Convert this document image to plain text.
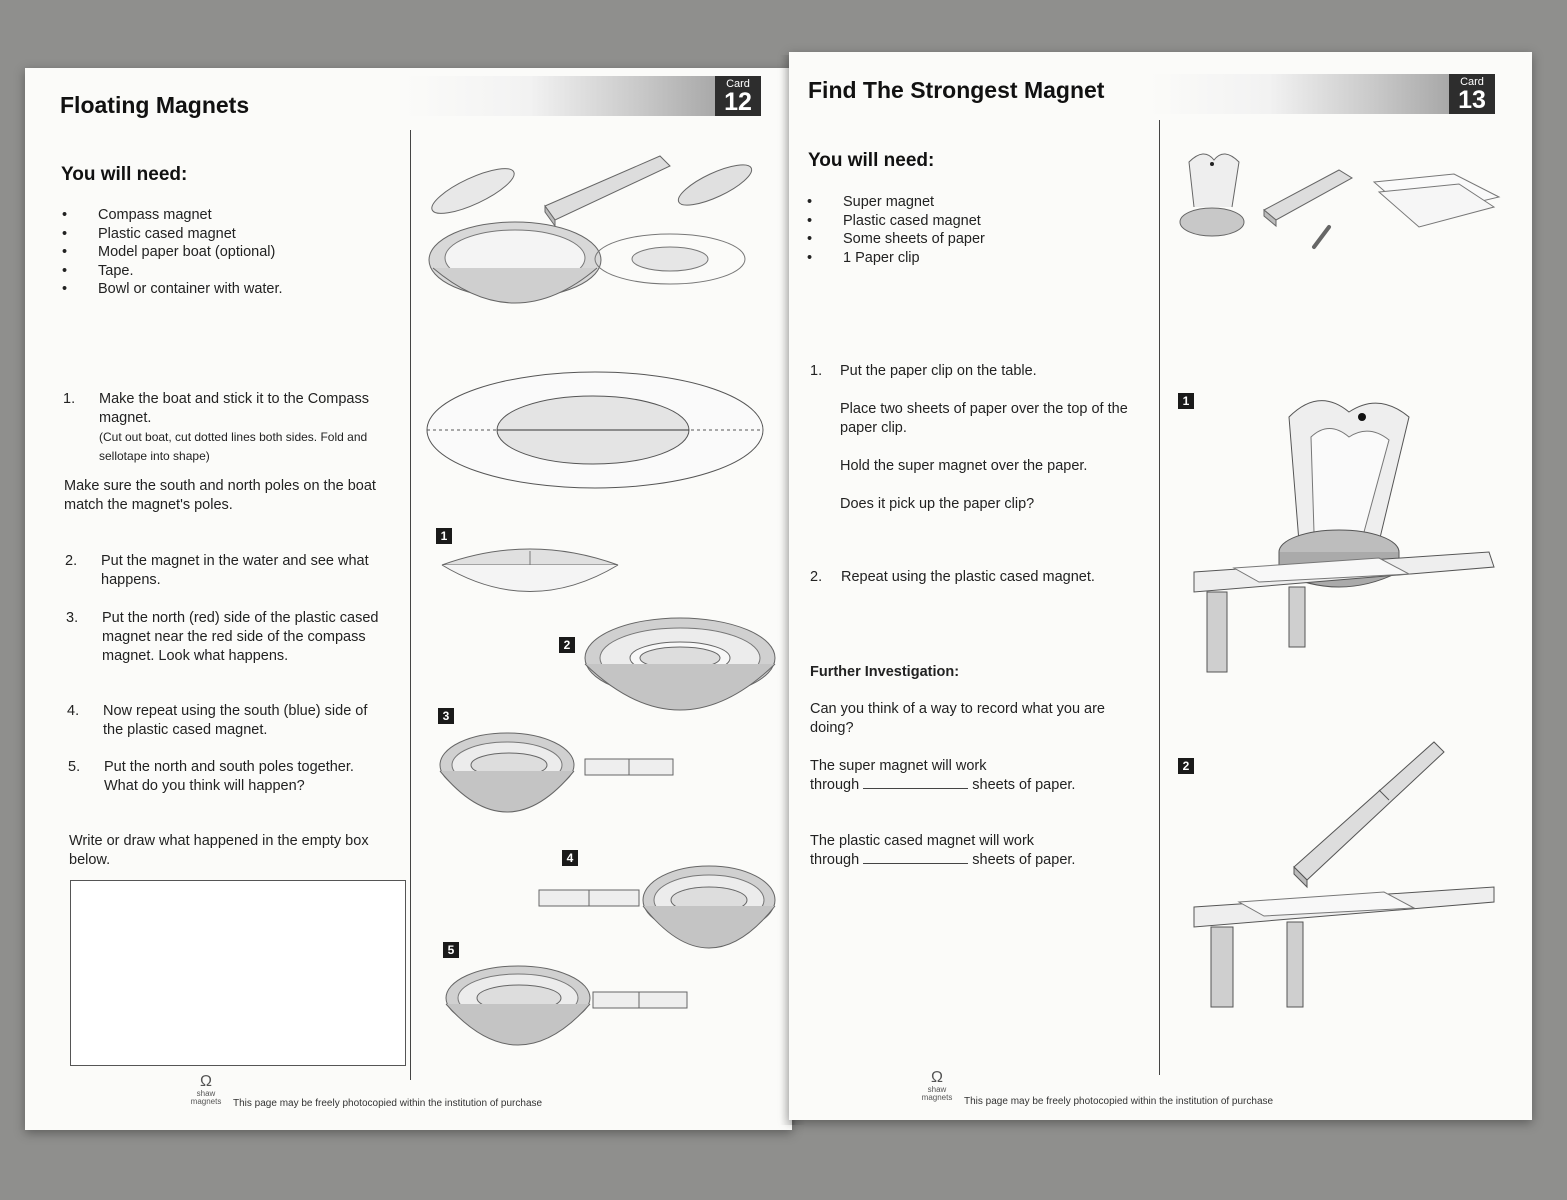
Floating Magnets
Card
12
You will need:
• Compass magnet
• Plastic cased magnet
• Model paper boat (optional)
• Tape.
• Bowl or container with water.
1. Make the boat and stick it to the Compass magnet.
(Cut out boat, cut dotted lines both sides. Fold and sellotape into shape)
Make sure the south and north poles on the boat match the magnet's poles.
2. Put the magnet in the water and see what happens.
3. Put the north (red) side of the plastic cased magnet near the red side of the compass magnet. Look what happens.
4. Now repeat using the south (blue) side of the plastic cased magnet.
5. Put the north and south poles together. What do you think will happen?
Write or draw what happened in the empty box below.
1
2
3
4
5
Ω
shaw magnets This page may be freely photocopied within the institution of purchase
Find The Strongest Magnet	Card
13
You will need:
• Super magnet
• Plastic cased magnet
• Some sheets of paper
• 1 Paper clip
1. Put the paper clip on the table.

Place two sheets of paper over the top of the paper clip.

Hold the super magnet over the paper.

Does it pick up the paper clip?
2. Repeat using the plastic cased magnet.
Further Investigation:
Can you think of a way to record what you are doing?
The super magnet will work
through	sheets of paper.
The plastic cased magnet will work
through	sheets of paper.
1
2
Ω
shaw magnets This page may be freely photocopied within the institution of purchase
